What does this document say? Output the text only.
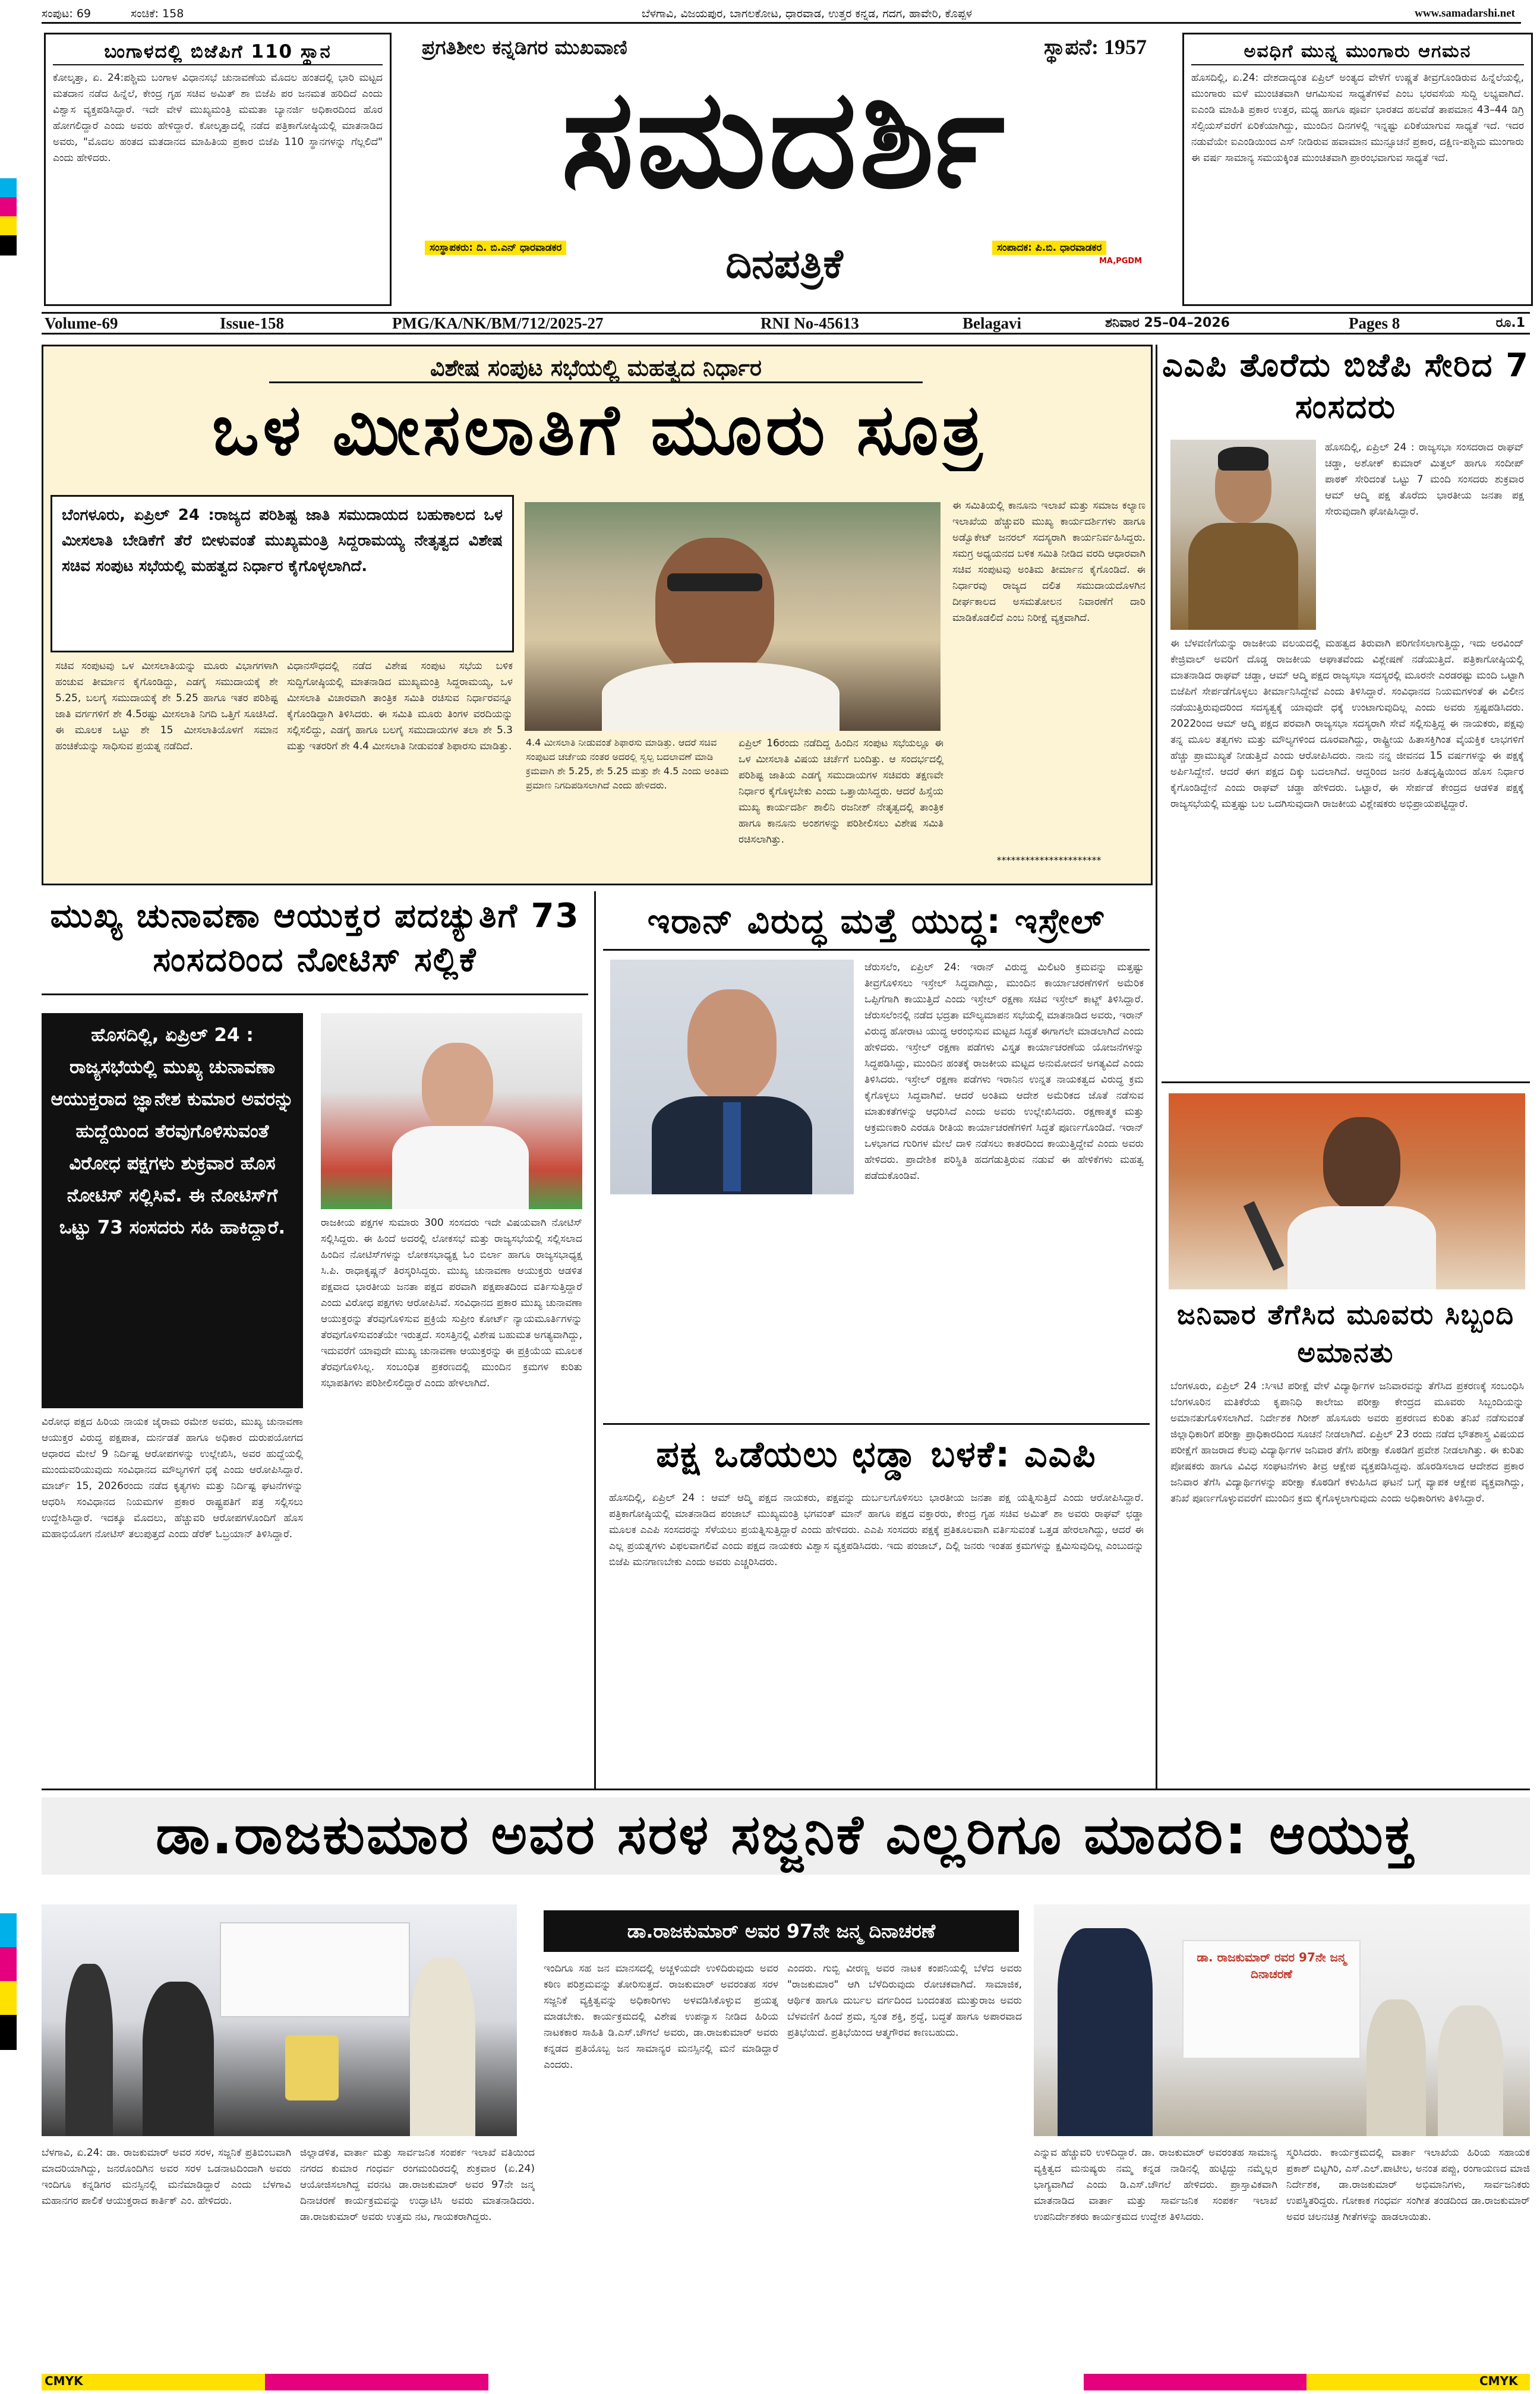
ಸಂಪುಟ: 69	ಸಂಚಿಕೆ: 158	ಬೆಳಗಾವಿ, ವಿಜಯಪುರ, ಬಾಗಲಕೋಟ, ಧಾರವಾಡ, ಉತ್ತರ ಕನ್ನಡ, ಗದಗ, ಹಾವೇರಿ, ಕೊಪ್ಪಳ	www.samadarshi.net
ಬಂಗಾಳದಲ್ಲಿ ಬಿಜೆಪಿಗೆ 110 ಸ್ಥಾನ
ಕೋಲ್ಕತ್ತಾ, ಏ. 24:ಪಶ್ಚಿಮ ಬಂಗಾಳ ವಿಧಾನಸಭೆ ಚುನಾವಣೆಯ ಮೊದಲ ಹಂತದಲ್ಲಿ ಭಾರಿ ಮಟ್ಟದ ಮತದಾನ ನಡೆದ ಹಿನ್ನೆಲೆ, ಕೇಂದ್ರ ಗೃಹ ಸಚಿವ ಅಮಿತ್ ಶಾ ಬಿಜೆಪಿ ಪರ ಜನಮತ ಹರಿದಿದೆ ಎಂದು ವಿಶ್ವಾಸ ವ್ಯಕ್ತಪಡಿಸಿದ್ದಾರೆ. ಇದೇ ವೇಳೆ ಮುಖ್ಯಮಂತ್ರಿ ಮಮತಾ ಬ್ಯಾನರ್ಜಿ ಅಧಿಕಾರದಿಂದ ಹೊರ ಹೋಗಲಿದ್ದಾರೆ ಎಂದು ಅವರು ಹೇಳಿದ್ದಾರೆ. ಕೋಲ್ಕತ್ತಾದಲ್ಲಿ ನಡೆದ ಪತ್ರಿಕಾಗೋಷ್ಠಿಯಲ್ಲಿ ಮಾತನಾಡಿದ ಅವರು, "ಮೊದಲ ಹಂತದ ಮತದಾನದ ಮಾಹಿತಿಯ ಪ್ರಕಾರ ಬಿಜೆಪಿ 110 ಸ್ಥಾನಗಳನ್ನು ಗೆಲ್ಲಲಿದೆ" ಎಂದು ಹೇಳಿದರು.
ಪ್ರಗತಿಶೀಲ ಕನ್ನಡಿಗರ ಮುಖವಾಣಿ	ಸ್ಥಾಪನೆ: 1957
ಸಮದರ್ಶಿ
ಸಂಸ್ಥಾಪಕರು: ದಿ. ಬಿ.ಎನ್ ಧಾರವಾಡಕರ	ದಿನಪತ್ರಿಕೆ	ಸಂಪಾದಕ: ಪಿ.ಬಿ. ಧಾರವಾಡಕರ
MA,PGDM
ಅವಧಿಗೆ ಮುನ್ನ ಮುಂಗಾರು ಆಗಮನ
ಹೊಸದಿಲ್ಲಿ, ಏ.24: ದೇಶದಾದ್ಯಂತ ಏಪ್ರಿಲ್ ಅಂತ್ಯದ ವೇಳೆಗೆ ಉಷ್ಣತೆ ತೀವ್ರಗೊಂಡಿರುವ ಹಿನ್ನೆಲೆಯಲ್ಲಿ, ಮುಂಗಾರು ಮಳೆ ಮುಂಚಿತವಾಗಿ ಆಗಮಿಸುವ ಸಾಧ್ಯತೆಗಳಿವೆ ಎಂಬ ಭರವಸೆಯ ಸುದ್ದಿ ಲಭ್ಯವಾಗಿದೆ. ಐಎಂಡಿ ಮಾಹಿತಿ ಪ್ರಕಾರ ಉತ್ತರ, ಮಧ್ಯ ಹಾಗೂ ಪೂರ್ವ ಭಾರತದ ಹಲವೆಡೆ ತಾಪಮಾನ 43–44 ಡಿಗ್ರಿ ಸೆಲ್ಸಿಯಸ್‌ವರೆಗೆ ಏರಿಕೆಯಾಗಿದ್ದು, ಮುಂದಿನ ದಿನಗಳಲ್ಲಿ ಇನ್ನಷ್ಟು ಏರಿಕೆಯಾಗುವ ಸಾಧ್ಯತೆ ಇದೆ. ಇದರ ನಡುವೆಯೇ ಐಎಂಡಿಯಿಂದ ಎಸ್ ನೀಡಿರುವ ಹವಾಮಾನ ಮುನ್ಸೂಚನೆ ಪ್ರಕಾರ, ದಕ್ಷಿಣ-ಪಶ್ಚಿಮ ಮುಂಗಾರು ಈ ವರ್ಷ ಸಾಮಾನ್ಯ ಸಮಯಕ್ಕಿಂತ ಮುಂಚಿತವಾಗಿ ಪ್ರಾರಂಭವಾಗುವ ಸಾಧ್ಯತೆ ಇದೆ.
Volume-69	Issue-158	PMG/KA/NK/BM/712/2025-27	RNI No-45613	Belagavi	ಶನಿವಾರ 25–04–2026	Pages 8	ರೂ.1
ವಿಶೇಷ ಸಂಪುಟ ಸಭೆಯಲ್ಲಿ ಮಹತ್ವದ ನಿರ್ಧಾರ
ಒಳ ಮೀಸಲಾತಿಗೆ ಮೂರು ಸೂತ್ರ
ಬೆಂಗಳೂರು, ಏಪ್ರಿಲ್ 24 :ರಾಜ್ಯದ ಪರಿಶಿಷ್ಟ ಜಾತಿ ಸಮುದಾಯದ ಬಹುಕಾಲದ ಒಳ ಮೀಸಲಾತಿ ಬೇಡಿಕೆಗೆ ತೆರೆ ಬೀಳುವಂತೆ ಮುಖ್ಯಮಂತ್ರಿ ಸಿದ್ದರಾಮಯ್ಯ ನೇತೃತ್ವದ ವಿಶೇಷ ಸಚಿವ ಸಂಪುಟ ಸಭೆಯಲ್ಲಿ ಮಹತ್ವದ ನಿರ್ಧಾರ ಕೈಗೊಳ್ಳಲಾಗಿದೆ.
ಸಚಿವ ಸಂಪುಟವು ಒಳ ಮೀಸಲಾತಿಯನ್ನು ಮೂರು ವಿಭಾಗಗಳಾಗಿ ಹಂಚುವ ತೀರ್ಮಾನ ಕೈಗೊಂಡಿದ್ದು, ಎಡಗೈ ಸಮುದಾಯಕ್ಕೆ ಶೇ 5.25, ಬಲಗೈ ಸಮುದಾಯಕ್ಕೆ ಶೇ 5.25 ಹಾಗೂ ಇತರ ಪರಿಶಿಷ್ಟ ಜಾತಿ ವರ್ಗಗಳಿಗೆ ಶೇ 4.5ರಷ್ಟು ಮೀಸಲಾತಿ ನಿಗದಿ ಒತ್ತಿಗೆ ಸೂಚಿಸಿದೆ. ಈ ಮೂಲಕ ಒಟ್ಟು ಶೇ 15 ಮೀಸಲಾತಿಯೊಳಗೆ ಸಮಾನ ಹಂಚಿಕೆಯನ್ನು ಸಾಧಿಸುವ ಪ್ರಯತ್ನ ನಡೆದಿದೆ.
ವಿಧಾನಸೌಧದಲ್ಲಿ ನಡೆದ ವಿಶೇಷ ಸಂಪುಟ ಸಭೆಯ ಬಳಿಕ ಸುದ್ದಿಗೋಷ್ಠಿಯಲ್ಲಿ ಮಾತನಾಡಿದ ಮುಖ್ಯಮಂತ್ರಿ ಸಿದ್ದರಾಮಯ್ಯ, ಒಳ ಮೀಸಲಾತಿ ವಿಚಾರವಾಗಿ ತಾಂತ್ರಿಕ ಸಮಿತಿ ರಚಿಸುವ ನಿರ್ಧಾರವನ್ನೂ ಕೈಗೊಂಡಿದ್ದಾಗಿ ತಿಳಿಸಿದರು. ಈ ಸಮಿತಿ ಮೂರು ತಿಂಗಳ ವರದಿಯನ್ನು ಸಲ್ಲಿಸಲಿದ್ದು, ಎಡಗೈ ಹಾಗೂ ಬಲಗೈ ಸಮುದಾಯಗಳ ತಲಾ ಶೇ 5.3 ಮತ್ತು ಇತರರಿಗೆ ಶೇ 4.4 ಮೀಸಲಾತಿ ನೀಡುವಂತೆ ಶಿಫಾರಸು ಮಾಡಿತ್ತು. 4.4 ಮೀಸಲಾತಿ ನೀಡುವಂತೆ ಶಿಫಾರಸು ಮಾಡಿತ್ತು. ಆದರೆ ಸಚಿವ ಸಂಪುಟದ ಚರ್ಚೆಯ ನಂತರ ಅದರಲ್ಲಿ ಸ್ವಲ್ಪ ಬದಲಾವಣೆ ಮಾಡಿ ಕ್ರಮವಾಗಿ ಶೇ 5.25, ಶೇ 5.25 ಮತ್ತು ಶೇ 4.5 ಎಂದು ಅಂತಿಮ ಪ್ರಮಾಣ ನಿಗದಿಪಡಿಸಲಾಗಿದೆ ಎಂದು ಹೇಳಿದರು.
ಏಪ್ರಿಲ್ 16ರಂದು ನಡೆದಿದ್ದ ಹಿಂದಿನ ಸಂಪುಟ ಸಭೆಯಲ್ಲೂ ಈ ಒಳ ಮೀಸಲಾತಿ ವಿಷಯ ಚರ್ಚೆಗೆ ಬಂದಿತ್ತು. ಆ ಸಂದರ್ಭದಲ್ಲಿ ಪರಿಶಿಷ್ಟ ಜಾತಿಯ ಎಡಗೈ ಸಮುದಾಯಗಳ ಸಚಿವರು ತಕ್ಷಣವೇ ನಿರ್ಧಾರ ಕೈಗೊಳ್ಳಬೇಕು ಎಂದು ಒತ್ತಾಯಿಸಿದ್ದರು. ಆದರೆ ಹಿಸ್ಸೆಯ ಮುಖ್ಯ ಕಾರ್ಯದರ್ಶಿ ಶಾಲಿನಿ ರಜನೀಶ್ ನೇತೃತ್ವದಲ್ಲಿ ತಾಂತ್ರಿಕ ಹಾಗೂ ಕಾನೂನು ಅಂಶಗಳನ್ನು ಪರಿಶೀಲಿಸಲು ವಿಶೇಷ ಸಮಿತಿ ರಚಿಸಲಾಗಿತ್ತು.
ಈ ಸಮಿತಿಯಲ್ಲಿ ಕಾನೂನು ಇಲಾಖೆ ಮತ್ತು ಸಮಾಜ ಕಲ್ಯಾಣ ಇಲಾಖೆಯ ಹೆಚ್ಚುವರಿ ಮುಖ್ಯ ಕಾರ್ಯದರ್ಶಿಗಳು ಹಾಗೂ ಅಡ್ವೊಕೇಟ್ ಜನರಲ್ ಸದಸ್ಯರಾಗಿ ಕಾರ್ಯನಿರ್ವಹಿಸಿದ್ದರು. ಸಮಗ್ರ ಅಧ್ಯಯನದ ಬಳಿಕ ಸಮಿತಿ ನೀಡಿದ ವರದಿ ಆಧಾರವಾಗಿ ಸಚಿವ ಸಂಪುಟವು ಅಂತಿಮ ತೀರ್ಮಾನ ಕೈಗೊಂಡಿದೆ. ಈ ನಿರ್ಧಾರವು ರಾಜ್ಯದ ದಲಿತ ಸಮುದಾಯದೊಳಗಿನ ದೀರ್ಘಕಾಲದ ಅಸಮತೋಲನ ನಿವಾರಣೆಗೆ ದಾರಿ ಮಾಡಿಕೊಡಲಿದೆ ಎಂಬ ನಿರೀಕ್ಷೆ ವ್ಯಕ್ತವಾಗಿದೆ.
**********************
ಎಎಪಿ ತೊರೆದು ಬಿಜೆಪಿ ಸೇರಿದ 7 ಸಂಸದರು
ಹೊಸದಿಲ್ಲಿ, ಏಪ್ರಿಲ್ 24 : ರಾಜ್ಯಸಭಾ ಸಂಸದರಾದ ರಾಘವ್ ಚಡ್ಡಾ, ಅಶೋಕ್ ಕುಮಾರ್ ಮಿತ್ತಲ್ ಹಾಗೂ ಸಂದೀಪ್ ಪಾಠಕ್ ಸೇರಿದಂತೆ ಒಟ್ಟು 7 ಮಂದಿ ಸಂಸದರು ಶುಕ್ರವಾರ ಆಮ್ ಆದ್ಮಿ ಪಕ್ಷ ತೊರೆದು ಭಾರತೀಯ ಜನತಾ ಪಕ್ಷ ಸೇರುವುದಾಗಿ ಘೋಷಿಸಿದ್ದಾರೆ.
ಈ ಬೆಳವಣಿಗೆಯನ್ನು ರಾಜಕೀಯ ವಲಯದಲ್ಲಿ ಮಹತ್ವದ ತಿರುವಾಗಿ ಪರಿಗಣಿಸಲಾಗುತ್ತಿದ್ದು, ಇದು ಅರವಿಂದ್ ಕೇಜ್ರಿವಾಲ್ ಅವರಿಗೆ ದೊಡ್ಡ ರಾಜಕೀಯ ಆಘಾತವೆಂದು ವಿಶ್ಲೇಷಣೆ ನಡೆಯುತ್ತಿದೆ. ಪತ್ರಿಕಾಗೋಷ್ಠಿಯಲ್ಲಿ ಮಾತನಾಡಿದ ರಾಘವ್ ಚಡ್ಡಾ, ಆಮ್ ಆದ್ಮಿ ಪಕ್ಷದ ರಾಜ್ಯಸಭಾ ಸದಸ್ಯರಲ್ಲಿ ಮೂರನೇ ಎರಡರಷ್ಟು ಮಂದಿ ಒಟ್ಟಾಗಿ ಬಿಜೆಪಿಗೆ ಸೇರ್ಪಡೆಗೊಳ್ಳಲು ತೀರ್ಮಾನಿಸಿದ್ದೇವೆ ಎಂದು ತಿಳಿಸಿದ್ದಾರೆ. ಸಂವಿಧಾನದ ನಿಯಮಗಳಂತೆ ಈ ವಿಲೀನ ನಡೆಯುತ್ತಿರುವುದರಿಂದ ಸದಸ್ಯತ್ವಕ್ಕೆ ಯಾವುದೇ ಧಕ್ಕೆ ಉಂಟಾಗುವುದಿಲ್ಲ ಎಂದು ಅವರು ಸ್ಪಷ್ಟಪಡಿಸಿದರು. 2022ರಿಂದ ಆಮ್ ಆದ್ಮಿ ಪಕ್ಷದ ಪರವಾಗಿ ರಾಜ್ಯಸಭಾ ಸದಸ್ಯರಾಗಿ ಸೇವೆ ಸಲ್ಲಿಸುತ್ತಿದ್ದ ಈ ನಾಯಕರು, ಪಕ್ಷವು ತನ್ನ ಮೂಲ ತತ್ವಗಳು ಮತ್ತು ಮೌಲ್ಯಗಳಿಂದ ದೂರವಾಗಿದ್ದು, ರಾಷ್ಟ್ರೀಯ ಹಿತಾಸಕ್ತಿಗಿಂತ ವೈಯಕ್ತಿಕ ಲಾಭಗಳಿಗೆ ಹೆಚ್ಚು ಪ್ರಾಮುಖ್ಯತೆ ನೀಡುತ್ತಿದೆ ಎಂದು ಆರೋಪಿಸಿದರು. ನಾನು ನನ್ನ ಜೀವನದ 15 ವರ್ಷಗಳನ್ನು ಈ ಪಕ್ಷಕ್ಕೆ ಅರ್ಪಿಸಿದ್ದೇನೆ. ಆದರೆ ಈಗ ಪಕ್ಷದ ದಿಕ್ಕು ಬದಲಾಗಿದೆ. ಆದ್ದರಿಂದ ಜನರ ಹಿತದೃಷ್ಟಿಯಿಂದ ಹೊಸ ನಿರ್ಧಾರ ಕೈಗೊಂಡಿದ್ದೇನೆ ಎಂದು ರಾಘವ್ ಚಡ್ಡಾ ಹೇಳಿದರು. ಒಟ್ಟಾರೆ, ಈ ಸೇರ್ಪಡೆ ಕೇಂದ್ರದ ಆಡಳಿತ ಪಕ್ಷಕ್ಕೆ ರಾಜ್ಯಸಭೆಯಲ್ಲಿ ಮತ್ತಷ್ಟು ಬಲ ಒದಗಿಸುವುದಾಗಿ ರಾಜಕೀಯ ವಿಶ್ಲೇಷಕರು ಅಭಿಪ್ರಾಯಪಟ್ಟಿದ್ದಾರೆ.
ಜನಿವಾರ ತೆಗೆಸಿದ ಮೂವರು ಸಿಬ್ಬಂದಿ ಅಮಾನತು
ಬೆಂಗಳೂರು, ಏಪ್ರಿಲ್ 24 :ಸಿಇಟಿ ಪರೀಕ್ಷೆ ವೇಳೆ ವಿದ್ಯಾರ್ಥಿಗಳ ಜನಿವಾರವನ್ನು ತೆಗೆಸಿದ ಪ್ರಕರಣಕ್ಕೆ ಸಂಬಂಧಿಸಿ ಬೆಂಗಳೂರಿನ ಮತಿಕೆರೆಯ ಕೃಪಾನಿಧಿ ಕಾಲೇಜು ಪರೀಕ್ಷಾ ಕೇಂದ್ರದ ಮೂವರು ಸಿಬ್ಬಂದಿಯನ್ನು ಅಮಾನತುಗೊಳಿಸಲಾಗಿದೆ. ನಿರ್ದೇಶಕ ಗಿರೀಶ್ ಹೊಸೂರು ಅವರು ಪ್ರಕರಣದ ಕುರಿತು ತನಿಖೆ ನಡೆಸುವಂತೆ ಜಿಲ್ಲಾಧಿಕಾರಿಗೆ ಪರೀಕ್ಷಾ ಪ್ರಾಧಿಕಾರದಿಂದ ಸೂಚನೆ ನೀಡಲಾಗಿದೆ. ಏಪ್ರಿಲ್ 23 ರಂದು ನಡೆದ ಭೌತಶಾಸ್ತ್ರ ವಿಷಯದ ಪರೀಕ್ಷೆಗೆ ಹಾಜರಾದ ಕೆಲವು ವಿದ್ಯಾರ್ಥಿಗಳ ಜನಿವಾರ ತೆಗೆಸಿ ಪರೀಕ್ಷಾ ಕೊಠಡಿಗೆ ಪ್ರವೇಶ ನೀಡಲಾಗಿತ್ತು. ಈ ಕುರಿತು ಪೋಷಕರು ಹಾಗೂ ವಿವಿಧ ಸಂಘಟನೆಗಳು ತೀವ್ರ ಆಕ್ಷೇಪ ವ್ಯಕ್ತಪಡಿಸಿದ್ದವು. ಹೊರಡಿಸಲಾದ ಆದೇಶದ ಪ್ರಕಾರ ಜನಿವಾರ ತೆಗೆಸಿ ವಿದ್ಯಾರ್ಥಿಗಳನ್ನು ಪರೀಕ್ಷಾ ಕೊಠಡಿಗೆ ಕಳುಹಿಸಿದ ಘಟನೆ ಬಗ್ಗೆ ವ್ಯಾಪಕ ಆಕ್ಷೇಪ ವ್ಯಕ್ತವಾಗಿದ್ದು, ತನಿಖೆ ಪೂರ್ಣಗೊಳ್ಳುವವರೆಗೆ ಮುಂದಿನ ಕ್ರಮ ಕೈಗೊಳ್ಳಲಾಗುವುದು ಎಂದು ಅಧಿಕಾರಿಗಳು ತಿಳಿಸಿದ್ದಾರೆ.
ಮುಖ್ಯ ಚುನಾವಣಾ ಆಯುಕ್ತರ ಪದಚ್ಯುತಿಗೆ 73 ಸಂಸದರಿಂದ ನೋಟಿಸ್ ಸಲ್ಲಿಕೆ
ಹೊಸದಿಲ್ಲಿ, ಏಪ್ರಿಲ್ 24 : ರಾಜ್ಯಸಭೆಯಲ್ಲಿ ಮುಖ್ಯ ಚುನಾವಣಾ ಆಯುಕ್ತರಾದ ಜ್ಞಾನೇಶ ಕುಮಾರ ಅವರನ್ನು ಹುದ್ದೆಯಿಂದ ತೆರವುಗೊಳಿಸುವಂತೆ ವಿರೋಧ ಪಕ್ಷಗಳು ಶುಕ್ರವಾರ ಹೊಸ ನೋಟಿಸ್ ಸಲ್ಲಿಸಿವೆ. ಈ ನೋಟಿಸ್‌ಗೆ ಒಟ್ಟು 73 ಸಂಸದರು ಸಹಿ ಹಾಕಿದ್ದಾರೆ.
ವಿರೋಧ ಪಕ್ಷದ ಹಿರಿಯ ನಾಯಕ ಜೈರಾಮ ರಮೇಶ ಅವರು, ಮುಖ್ಯ ಚುನಾವಣಾ ಆಯುಕ್ತರ ವಿರುದ್ಧ ಪಕ್ಷಪಾತ, ದುರ್ನಡತೆ ಹಾಗೂ ಅಧಿಕಾರ ದುರುಪಯೋಗದ ಆಧಾರದ ಮೇಲೆ 9 ನಿರ್ದಿಷ್ಟ ಆರೋಪಗಳನ್ನು ಉಲ್ಲೇಖಿಸಿ, ಅವರ ಹುದ್ದೆಯಲ್ಲಿ ಮುಂದುವರಿಯುವುದು ಸಂವಿಧಾನದ ಮೌಲ್ಯಗಳಿಗೆ ಧಕ್ಕೆ ಎಂದು ಆರೋಪಿಸಿದ್ದಾರೆ. ಮಾರ್ಚ್ 15, 2026ರಂದು ನಡೆದ ಕೃತ್ಯಗಳು ಮತ್ತು ನಿರ್ದಿಷ್ಟ ಘಟನೆಗಳನ್ನು ಆಧರಿಸಿ ಸಂವಿಧಾನದ ನಿಯಮಗಳ ಪ್ರಕಾರ ರಾಷ್ಟ್ರಪತಿಗೆ ಪತ್ರ ಸಲ್ಲಿಸಲು ಉದ್ದೇಶಿಸಿದ್ದಾರೆ. ಇದಕ್ಕೂ ಮೊದಲು, ಹೆಚ್ಚುವರಿ ಆರೋಪಗಳೊಂದಿಗೆ ಹೊಸ ಮಹಾಭಿಯೋಗ ನೋಟಿಸ್ ತಲುಪುತ್ತದೆ ಎಂದು ಡೆರೆಕ್ ಓಬ್ರಯಾನ್ ತಿಳಿಸಿದ್ದಾರೆ.
ರಾಜಕೀಯ ಪಕ್ಷಗಳ ಸುಮಾರು 300 ಸಂಸದರು ಇದೇ ವಿಷಯವಾಗಿ ನೋಟಿಸ್ ಸಲ್ಲಿಸಿದ್ದರು. ಈ ಹಿಂದೆ ಅದರಲ್ಲಿ ಲೋಕಸಭೆ ಮತ್ತು ರಾಜ್ಯಸಭೆಯಲ್ಲಿ ಸಲ್ಲಿಸಲಾದ ಹಿಂದಿನ ನೋಟಿಸ್‌ಗಳನ್ನು ಲೋಕಸಭಾಧ್ಯಕ್ಷ ಓಂ ಬಿರ್ಲಾ ಹಾಗೂ ರಾಜ್ಯಸಭಾಧ್ಯಕ್ಷ ಸಿ.ಪಿ. ರಾಧಾಕೃಷ್ಣನ್ ತಿರಸ್ಕರಿಸಿದ್ದರು. ಮುಖ್ಯ ಚುನಾವಣಾ ಆಯುಕ್ತರು ಆಡಳಿತ ಪಕ್ಷವಾದ ಭಾರತೀಯ ಜನತಾ ಪಕ್ಷದ ಪರವಾಗಿ ಪಕ್ಷಪಾತದಿಂದ ವರ್ತಿಸುತ್ತಿದ್ದಾರೆ ಎಂದು ವಿರೋಧ ಪಕ್ಷಗಳು ಆರೋಪಿಸಿವೆ. ಸಂವಿಧಾನದ ಪ್ರಕಾರ ಮುಖ್ಯ ಚುನಾವಣಾ ಆಯುಕ್ತರನ್ನು ತೆರವುಗೊಳಿಸುವ ಪ್ರಕ್ರಿಯೆ ಸುಪ್ರೀಂ ಕೋರ್ಟ್ ನ್ಯಾಯಮೂರ್ತಿಗಳನ್ನು ತೆರವುಗೊಳಿಸುವಂತೆಯೇ ಇರುತ್ತದೆ. ಸಂಸತ್ತಿನಲ್ಲಿ ವಿಶೇಷ ಬಹುಮತ ಅಗತ್ಯವಾಗಿದ್ದು, ಇದುವರೆಗೆ ಯಾವುದೇ ಮುಖ್ಯ ಚುನಾವಣಾ ಆಯುಕ್ತರನ್ನು ಈ ಪ್ರಕ್ರಿಯೆಯ ಮೂಲಕ ತೆರವುಗೊಳಿಸಿಲ್ಲ. ಸಂಬಂಧಿತ ಪ್ರಕರಣದಲ್ಲಿ ಮುಂದಿನ ಕ್ರಮಗಳ ಕುರಿತು ಸಭಾಪತಿಗಳು ಪರಿಶೀಲಿಸಲಿದ್ದಾರೆ ಎಂದು ಹೇಳಲಾಗಿದೆ.
ಇರಾನ್ ವಿರುದ್ಧ ಮತ್ತೆ ಯುದ್ಧ: ಇಸ್ರೇಲ್
ಜೆರುಸಲೆಂ, ಏಪ್ರಿಲ್ 24: ಇರಾನ್ ವಿರುದ್ಧ ಮಿಲಿಟರಿ ಕ್ರಮವನ್ನು ಮತ್ತಷ್ಟು ತೀವ್ರಗೊಳಿಸಲು ಇಸ್ರೇಲ್ ಸಿದ್ಧವಾಗಿದ್ದು, ಮುಂದಿನ ಕಾರ್ಯಾಚರಣೆಗಳಿಗೆ ಅಮೆರಿಕ ಒಪ್ಪಿಗೆಗಾಗಿ ಕಾಯುತ್ತಿದೆ ಎಂದು ಇಸ್ರೇಲ್ ರಕ್ಷಣಾ ಸಚಿವ ಇಸ್ರೇಲ್ ಕಾಟ್ಜ್ ತಿಳಿಸಿದ್ದಾರೆ. ಜೆರುಸಲೆಂನಲ್ಲಿ ನಡೆದ ಭದ್ರತಾ ಮೌಲ್ಯಮಾಪನ ಸಭೆಯಲ್ಲಿ ಮಾತನಾಡಿದ ಅವರು, ಇರಾನ್ ವಿರುದ್ಧ ಹೋರಾಟ ಯುದ್ಧ ಆರಂಭಿಸುವ ಮಟ್ಟದ ಸಿದ್ಧತೆ ಈಗಾಗಲೇ ಮಾಡಲಾಗಿದೆ ಎಂದು ಹೇಳಿದರು. ಇಸ್ರೇಲ್ ರಕ್ಷಣಾ ಪಡೆಗಳು ವಿಸ್ತೃತ ಕಾರ್ಯಾಚರಣೆಯ ಯೋಜನೆಗಳನ್ನು ಸಿದ್ಧಪಡಿಸಿದ್ದು, ಮುಂದಿನ ಹಂತಕ್ಕೆ ರಾಜಕೀಯ ಮಟ್ಟದ ಅನುಮೋದನೆ ಅಗತ್ಯವಿದೆ ಎಂದು ತಿಳಿಸಿದರು. ಇಸ್ರೇಲ್ ರಕ್ಷಣಾ ಪಡೆಗಳು ಇರಾನಿನ ಉನ್ನತ ನಾಯಕತ್ವದ ವಿರುದ್ಧ ಕ್ರಮ ಕೈಗೊಳ್ಳಲು ಸಿದ್ಧವಾಗಿವೆ. ಆದರೆ ಅಂತಿಮ ಆದೇಶ ಅಮೆರಿಕದ ಜೊತೆ ನಡೆಸುವ ಮಾತುಕತೆಗಳನ್ನು ಆಧರಿಸಿದೆ ಎಂದು ಅವರು ಉಲ್ಲೇಖಿಸಿದರು. ರಕ್ಷಣಾತ್ಮಕ ಮತ್ತು ಆಕ್ರಮಣಕಾರಿ ಎರಡೂ ರೀತಿಯ ಕಾರ್ಯಾಚರಣೆಗಳಿಗೆ ಸಿದ್ಧತೆ ಪೂರ್ಣಗೊಂಡಿದೆ. ಇರಾನ್ ಒಳಭಾಗದ ಗುರಿಗಳ ಮೇಲೆ ದಾಳಿ ನಡೆಸಲು ಕಾತರದಿಂದ ಕಾಯುತ್ತಿದ್ದೇವೆ ಎಂದು ಅವರು ಹೇಳಿದರು. ಪ್ರಾದೇಶಿಕ ಪರಿಸ್ಥಿತಿ ಹದಗೆಡುತ್ತಿರುವ ನಡುವೆ ಈ ಹೇಳಿಕೆಗಳು ಮಹತ್ವ ಪಡೆದುಕೊಂಡಿವೆ.
ಪಕ್ಷ ಒಡೆಯಲು ಛಡ್ಡಾ ಬಳಕೆ: ಎಎಪಿ
ಹೊಸದಿಲ್ಲಿ, ಏಪ್ರಿಲ್ 24 : ಆಮ್ ಆದ್ಮಿ ಪಕ್ಷದ ನಾಯಕರು, ಪಕ್ಷವನ್ನು ದುರ್ಬಲಗೊಳಿಸಲು ಭಾರತೀಯ ಜನತಾ ಪಕ್ಷ ಯತ್ನಿಸುತ್ತಿದೆ ಎಂದು ಆರೋಪಿಸಿದ್ದಾರೆ. ಪತ್ರಿಕಾಗೋಷ್ಠಿಯಲ್ಲಿ ಮಾತನಾಡಿದ ಪಂಜಾಬ್ ಮುಖ್ಯಮಂತ್ರಿ ಭಗವಂತ್ ಮಾನ್ ಹಾಗೂ ಪಕ್ಷದ ವಕ್ತಾರರು, ಕೇಂದ್ರ ಗೃಹ ಸಚಿವ ಅಮಿತ್ ಶಾ ಅವರು ರಾಘವ್ ಛಡ್ಡಾ ಮೂಲಕ ಎಎಪಿ ಸಂಸದರನ್ನು ಸೆಳೆಯಲು ಪ್ರಯತ್ನಿಸುತ್ತಿದ್ದಾರೆ ಎಂದು ಹೇಳಿದರು. ಎಎಪಿ ಸಂಸದರು ಪಕ್ಷಕ್ಕೆ ಪ್ರತಿಕೂಲವಾಗಿ ವರ್ತಿಸುವಂತೆ ಒತ್ತಡ ಹೇರಲಾಗಿದ್ದು, ಆದರೆ ಈ ಎಲ್ಲ ಪ್ರಯತ್ನಗಳು ವಿಫಲವಾಗಲಿವೆ ಎಂದು ಪಕ್ಷದ ನಾಯಕರು ವಿಶ್ವಾಸ ವ್ಯಕ್ತಪಡಿಸಿದರು. ಇದು ಪಂಜಾಬ್, ದಿಲ್ಲಿ ಜನರು ಇಂತಹ ಕ್ರಮಗಳನ್ನು ಕ್ಷಮಿಸುವುದಿಲ್ಲ ಎಂಬುದನ್ನು ಬಿಜೆಪಿ ಮನಗಾಣಬೇಕು ಎಂದು ಅವರು ಎಚ್ಚರಿಸಿದರು.
ಡಾ.ರಾಜಕುಮಾರ ಅವರ ಸರಳ ಸಜ್ಜನಿಕೆ ಎಲ್ಲರಿಗೂ ಮಾದರಿ: ಆಯುಕ್ತ
ಡಾ.ರಾಜಕುಮಾರ್ ಅವರ 97ನೇ ಜನ್ಮ ದಿನಾಚರಣೆ
ಡಾ. ರಾಜಕುಮಾರ್ ರವರ 97ನೇ ಜನ್ಮ ದಿನಾಚರಣೆ
ಬೆಳಗಾವಿ, ಏ.24: ಡಾ. ರಾಜಕುಮಾರ್ ಅವರ ಸರಳ, ಸಜ್ಜನಿಕೆ ಪ್ರತಿಬಿಂಬವಾಗಿ ಮಾದರಿಯಾಗಿದ್ದು, ಜನರೊಂದಿಗಿನ ಅವರ ಸರಳ ಒಡನಾಟದಿಂದಾಗಿ ಅವರು ಇಂದಿಗೂ ಕನ್ನಡಿಗರ ಮನಸ್ಸಿನಲ್ಲಿ ಮನೆಮಾಡಿದ್ದಾರೆ ಎಂದು ಬೆಳಗಾವಿ ಮಹಾನಗರ ಪಾಲಿಕೆ ಆಯುಕ್ತರಾದ ಕಾರ್ತಿಕ್ ಎಂ. ಹೇಳಿದರು.
ಜಿಲ್ಲಾಡಳಿತ, ವಾರ್ತಾ ಮತ್ತು ಸಾರ್ವಜನಿಕ ಸಂಪರ್ಕ ಇಲಾಖೆ ವತಿಯಿಂದ ನಗರದ ಕುಮಾರ ಗಂಧರ್ವ ರಂಗಮಂದಿರದಲ್ಲಿ ಶುಕ್ರವಾರ (ಏ.24) ಆಯೋಜಿಸಲಾಗಿದ್ದ ವರನಟ ಡಾ.ರಾಜಕುಮಾರ್ ಅವರ 97ನೇ ಜನ್ಮ ದಿನಾಚರಣೆ ಕಾರ್ಯಕ್ರಮವನ್ನು ಉದ್ಘಾಟಿಸಿ ಅವರು ಮಾತನಾಡಿದರು. ಡಾ.ರಾಜಕುಮಾರ್ ಅವರು ಉತ್ತಮ ನಟ, ಗಾಯಕರಾಗಿದ್ದರು.
ಇಂದಿಗೂ ಸಹ ಜನ ಮಾನಸದಲ್ಲಿ ಅಚ್ಚಳಿಯದೇ ಉಳಿದಿರುವುದು ಅವರ ಕಠಿಣ ಪರಿಶ್ರಮವನ್ನು ತೋರಿಸುತ್ತದೆ. ರಾಜಕುಮಾರ್ ಅವರಂತಹ ಸರಳ ಸಜ್ಜನಿಕೆ ವ್ಯಕ್ತಿತ್ವವನ್ನು ಅಧಿಕಾರಿಗಳು ಅಳವಡಿಸಿಕೊಳ್ಳುವ ಪ್ರಯತ್ನ ಮಾಡಬೇಕು. ಕಾರ್ಯಕ್ರಮದಲ್ಲಿ ವಿಶೇಷ ಉಪನ್ಯಾಸ ನೀಡಿದ ಹಿರಿಯ ನಾಟಕಕಾರ ಸಾಹಿತಿ ಡಿ.ಎಸ್.ಚೌಗಲೆ ಅವರು, ಡಾ.ರಾಜಕುಮಾರ್ ಅವರು ಕನ್ನಡದ ಪ್ರತಿಯೊಬ್ಬ ಜನ ಸಾಮಾನ್ಯರ ಮನಸ್ಸಿನಲ್ಲಿ ಮನೆ ಮಾಡಿದ್ದಾರೆ ಎಂದರು.
ಎಂದರು. ಗುಬ್ಬಿ ವೀರಣ್ಣ ಅವರ ನಾಟಕ ಕಂಪನಿಯಲ್ಲಿ ಬೆಳೆದ ಅವರು "ರಾಜಕುಮಾರ" ಆಗಿ ಬೆಳೆದಿರುವುದು ರೋಚಕವಾಗಿದೆ. ಸಾಮಾಜಿಕ, ಆರ್ಥಿಕ ಹಾಗೂ ದುರ್ಬಲ ವರ್ಗದಿಂದ ಬಂದಂತಹ ಮುತ್ತುರಾಜ ಅವರು ಬೆಳವಣಿಗೆ ಹಿಂದೆ ಶ್ರಮ, ಸ್ವಂತ ಶಕ್ತಿ, ಶ್ರದ್ಧೆ, ಬದ್ಧತೆ ಹಾಗೂ ಅಪಾರವಾದ ಪ್ರತಿಭೆಯಿದೆ. ಪ್ರತಿಭೆಯಿಂದ ಆತ್ಮಗೌರವ ಕಾಣಬಹುದು.
ಎನ್ನುವ ಹೆಚ್ಚುವರಿ ಉಳಿದಿದ್ದಾರೆ. ಡಾ. ರಾಜಕುಮಾರ್ ಅವರಂತಹ ಸಾಮಾನ್ಯ ವ್ಯಕ್ತಿತ್ವದ ಮನುಷ್ಯರು ನಮ್ಮ ಕನ್ನಡ ನಾಡಿನಲ್ಲಿ ಹುಟ್ಟಿದ್ದು ನಮ್ಮೆಲ್ಲರ ಭಾಗ್ಯವಾಗಿದೆ ಎಂದು ಡಿ.ಎಸ್.ಚೌಗಲೆ ಹೇಳಿದರು. ಪ್ರಾಸ್ತಾವಿಕವಾಗಿ ಮಾತನಾಡಿದ ವಾರ್ತಾ ಮತ್ತು ಸಾರ್ವಜನಿಕ ಸಂಪರ್ಕ ಇಲಾಖೆ ಉಪನಿರ್ದೇಶಕರು ಕಾರ್ಯಕ್ರಮದ ಉದ್ದೇಶ ತಿಳಿಸಿದರು.
ಸ್ಮರಿಸಿದರು. ಕಾರ್ಯಕ್ರಮದಲ್ಲಿ ವಾರ್ತಾ ಇಲಾಖೆಯ ಹಿರಿಯ ಸಹಾಯಕ ಪ್ರಕಾಶ್ ಬಿಟ್ಟಗಿರಿ, ಎಸ್.ಎಲ್.ಪಾಟೀಲ, ಅನಂತ ಪಪ್ಪು, ರಂಗಾಯಣದ ಮಾಜಿ ನಿರ್ದೇಶಕ, ಡಾ.ರಾಜಕುಮಾರ್ ಅಭಿಮಾನಿಗಳು, ಸಾರ್ವಜನಿಕರು ಉಪಸ್ಥಿತರಿದ್ದರು. ಗೋಕಾಕ ಗಂಧರ್ವ ಸಂಗೀತ ತಂಡದಿಂದ ಡಾ.ರಾಜಕುಮಾರ್ ಅವರ ಚಲನಚಿತ್ರ ಗೀತೆಗಳನ್ನು ಹಾಡಲಾಯಿತು.
CMYK	CMYK
